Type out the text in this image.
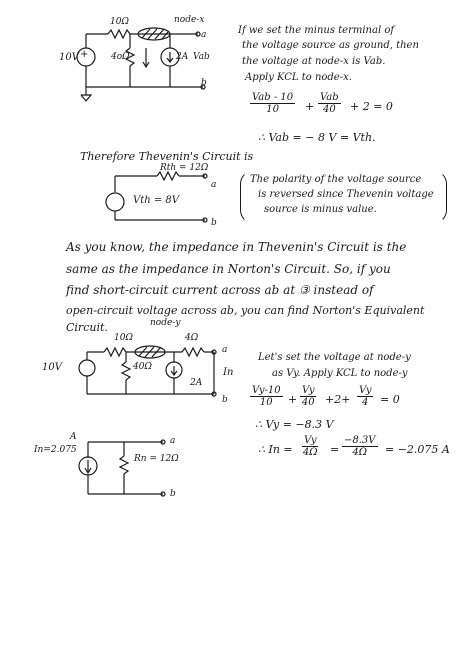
10Ω	node-x
+
10V	4oΩ	2A Vab
a
b
If we set the minus terminal of
the voltage source as ground, then
the voltage at node-x is Vab.
Apply KCL to node-x.
Vab - 10
10	+
Vab
40	+ 2 = 0
∴ Vab = − 8 V = Vth.
Therefore Thevenin's Circuit is
Rth = 12Ω
a
b
Vth = 8V
The polarity of the voltage source
is reversed since Thevenin voltage
source is minus value.
As you know, the impedance in Thevenin's Circuit is the
same as the impedance in Norton's Circuit. So, if you
find short-circuit current across ab at ③ instead of
open-circuit voltage across ab, you can find Norton's Equivalent
Circuit.
10Ω
node-y
4Ω
10V	40Ω
2A
a
b
In
Let's set the voltage at node-y
as Vy. Apply KCL to node-y
$\frac{Vy-10}{10} + \frac{Vy}{40} +2+ \frac{Vy}{4} = 0$
∴ Vy = −8.3 V
∴ $In = \frac{Vy}{4\Omega} = \frac{-8.3V}{4\Omega} = -2.075$ A
A
In=2.075
Rn = 12Ω
a
b
